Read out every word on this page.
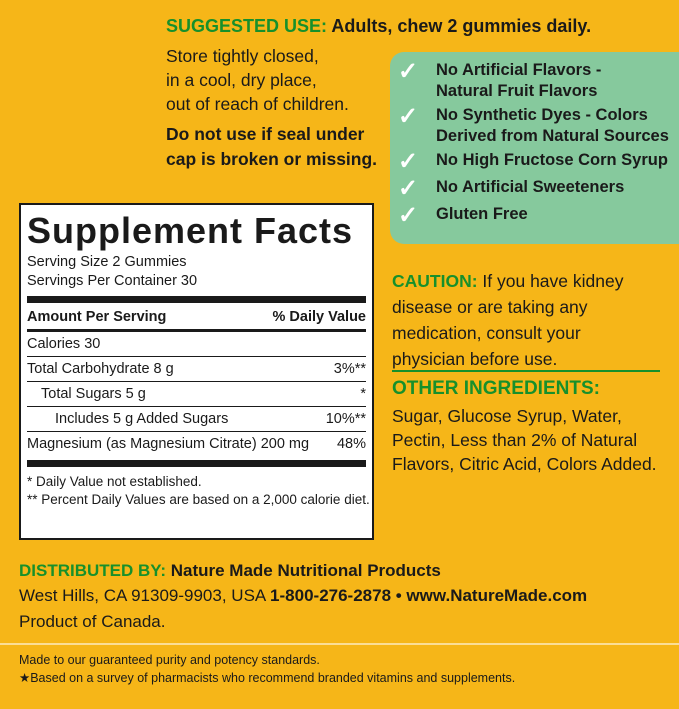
SUGGESTED USE: Adults, chew 2 gummies daily.
Store tightly closed,
in a cool, dry place,
out of reach of children.
Do not use if seal under
cap is broken or missing.
✓	No Artificial Flavors -
Natural Fruit Flavors
✓	No Synthetic Dyes - Colors
Derived from Natural Sources
✓	No High Fructose Corn Syrup
✓	No Artificial Sweeteners
✓	Gluten Free
Supplement Facts
Serving Size 2 Gummies
Servings Per Container 30
Amount Per Serving	% Daily Value
Calories 30
Total Carbohydrate 8 g	3%**
Total Sugars 5 g	*
Includes 5 g Added Sugars	10%**
Magnesium (as Magnesium Citrate) 200 mg 48%
* Daily Value not established.
** Percent Daily Values are based on a 2,000 calorie diet.
CAUTION: If you have kidney
disease or are taking any
medication, consult your
physician before use.
OTHER INGREDIENTS:
Sugar, Glucose Syrup, Water,
Pectin, Less than 2% of Natural
Flavors, Citric Acid, Colors Added.
DISTRIBUTED BY: Nature Made Nutritional Products
West Hills, CA 91309-9903, USA 1-800-276-2878 • www.NatureMade.com
Product of Canada.
Made to our guaranteed purity and potency standards.
★Based on a survey of pharmacists who recommend branded vitamins and supplements.
